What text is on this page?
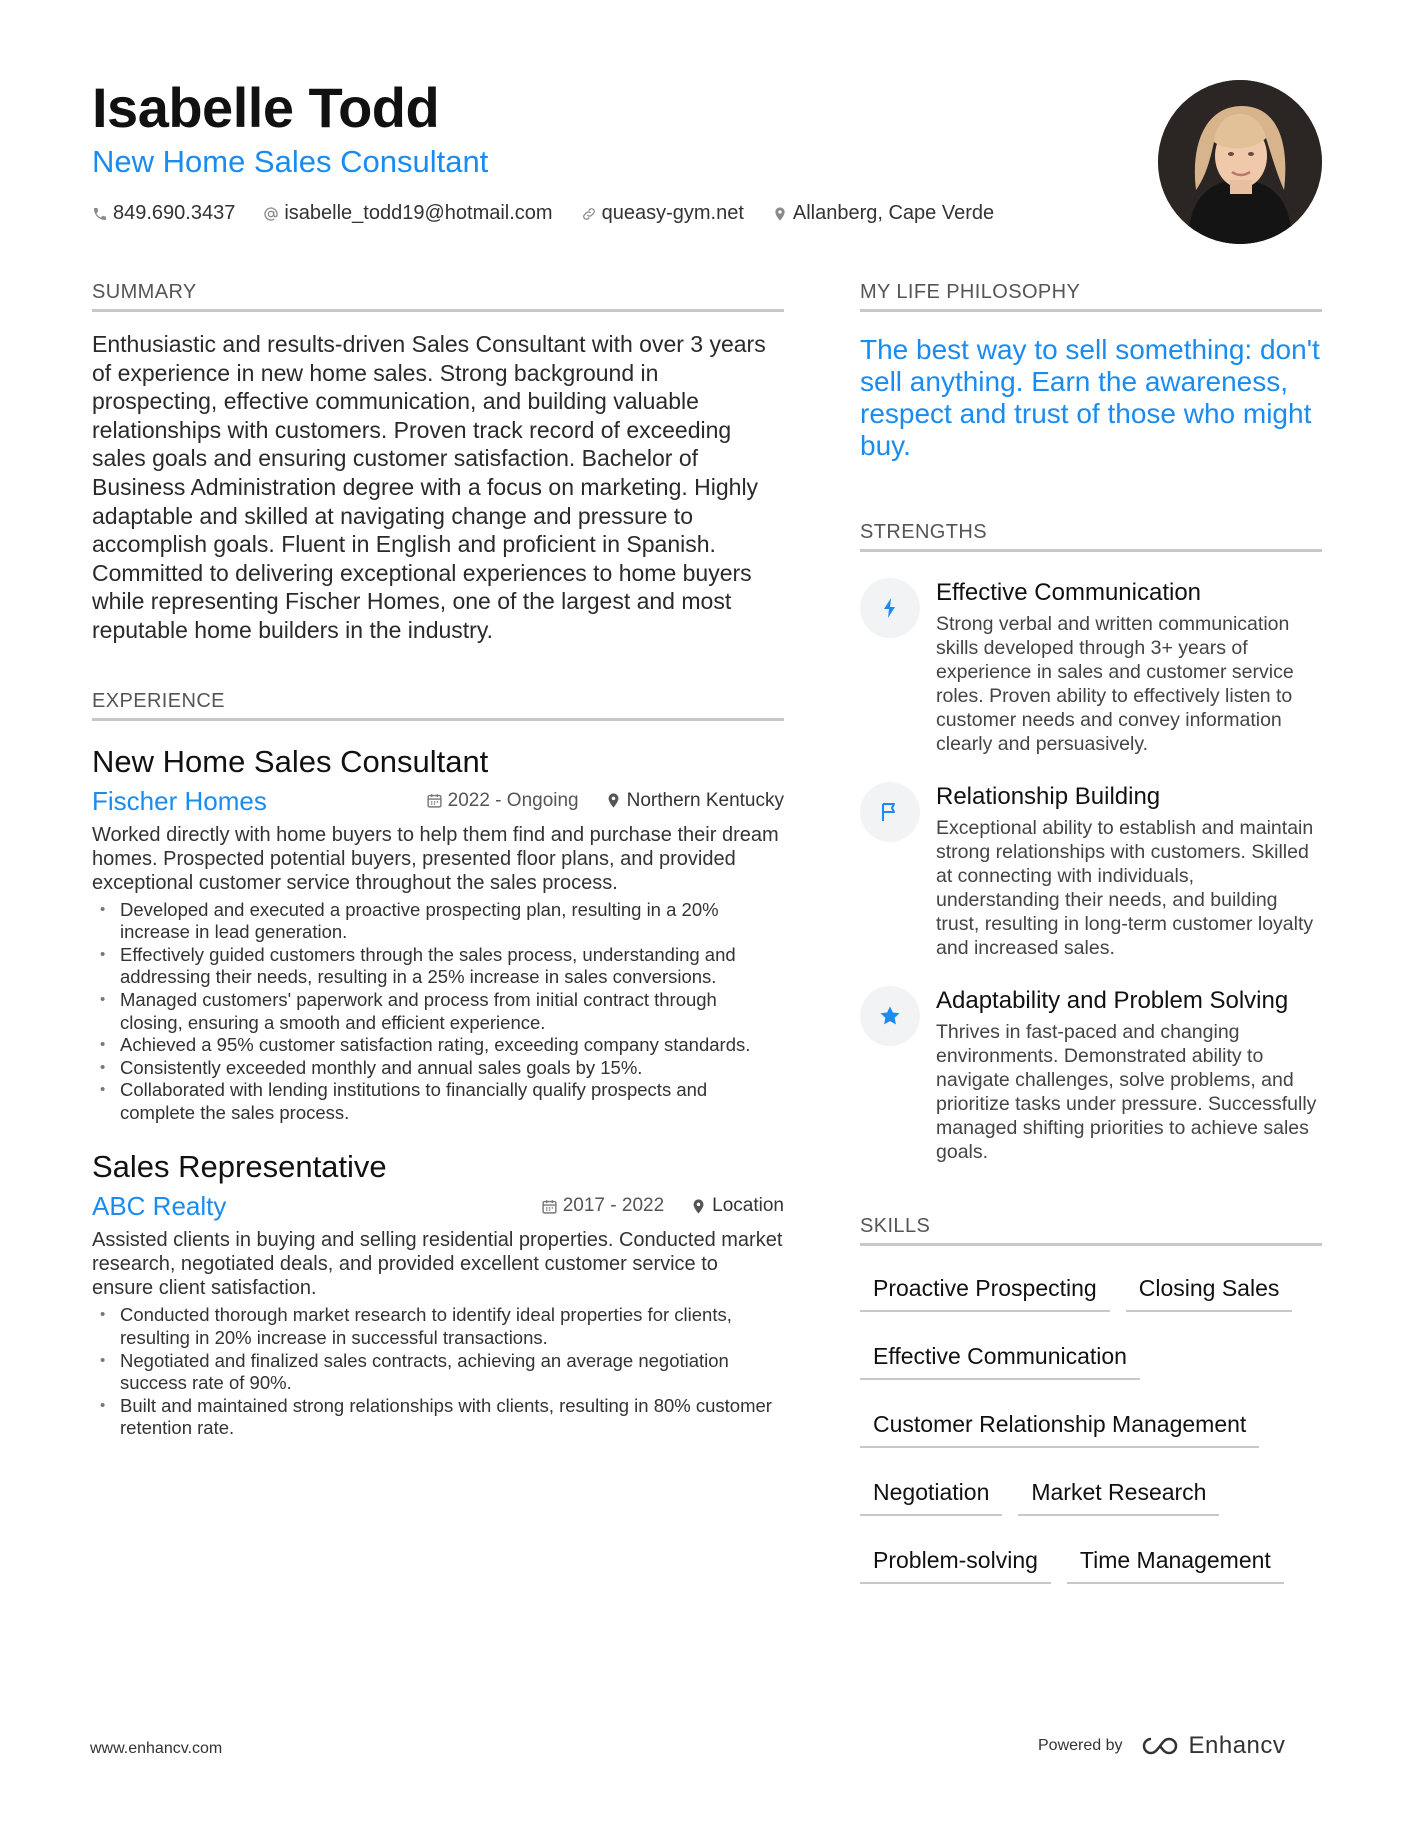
Isabelle Todd
New Home Sales Consultant
849.690.3437 isabelle_todd19@hotmail.com queasy-gym.net Allanberg, Cape Verde
SUMMARY

Enthusiastic and results-driven Sales Consultant with over 3 years of experience in new home sales. Strong background in prospecting, effective communication, and building valuable relationships with customers. Proven track record of exceeding sales goals and ensuring customer satisfaction. Bachelor of Business Administration degree with a focus on marketing. Highly adaptable and skilled at navigating change and pressure to accomplish goals. Fluent in English and proficient in Spanish. Committed to delivering exceptional experiences to home buyers while representing Fischer Homes, one of the largest and most reputable home builders in the industry.

EXPERIENCE
New Home Sales Consultant
Fischer Homes	2022 - Ongoing	Northern Kentucky

Worked directly with home buyers to help them find and purchase their dream homes. Prospected potential buyers, presented floor plans, and provided exceptional customer service throughout the sales process.

• Developed and executed a proactive prospecting plan, resulting in a 20% increase in lead generation.
• Effectively guided customers through the sales process, understanding and addressing their needs, resulting in a 25% increase in sales conversions.
• Managed customers' paperwork and process from initial contract through closing, ensuring a smooth and efficient experience.
• Achieved a 95% customer satisfaction rating, exceeding company standards.
• Consistently exceeded monthly and annual sales goals by 15%.
• Collaborated with lending institutions to financially qualify prospects and complete the sales process.
Sales Representative
ABC Realty	2017 - 2022	Location

Assisted clients in buying and selling residential properties. Conducted market research, negotiated deals, and provided excellent customer service to ensure client satisfaction.

• Conducted thorough market research to identify ideal properties for clients, resulting in 20% increase in successful transactions.
• Negotiated and finalized sales contracts, achieving an average negotiation success rate of 90%.
• Built and maintained strong relationships with clients, resulting in 80% customer retention rate.
MY LIFE PHILOSOPHY

The best way to sell something: don't sell anything. Earn the awareness, respect and trust of those who might buy.

STRENGTHS
Effective Communication
Strong verbal and written communication skills developed through 3+ years of experience in sales and customer service roles. Proven ability to effectively listen to customer needs and convey information clearly and persuasively.
Relationship Building
Exceptional ability to establish and maintain strong relationships with customers. Skilled at connecting with individuals, understanding their needs, and building trust, resulting in long-term customer loyalty and increased sales.
Adaptability and Problem Solving
Thrives in fast-paced and changing environments. Demonstrated ability to navigate challenges, solve problems, and prioritize tasks under pressure. Successfully managed shifting priorities to achieve sales goals.
SKILLS
Proactive Prospecting	Closing Sales
Effective Communication
Customer Relationship Management
Negotiation	Market Research
Problem-solving	Time Management
www.enhancv.com	Powered by	Enhancv
